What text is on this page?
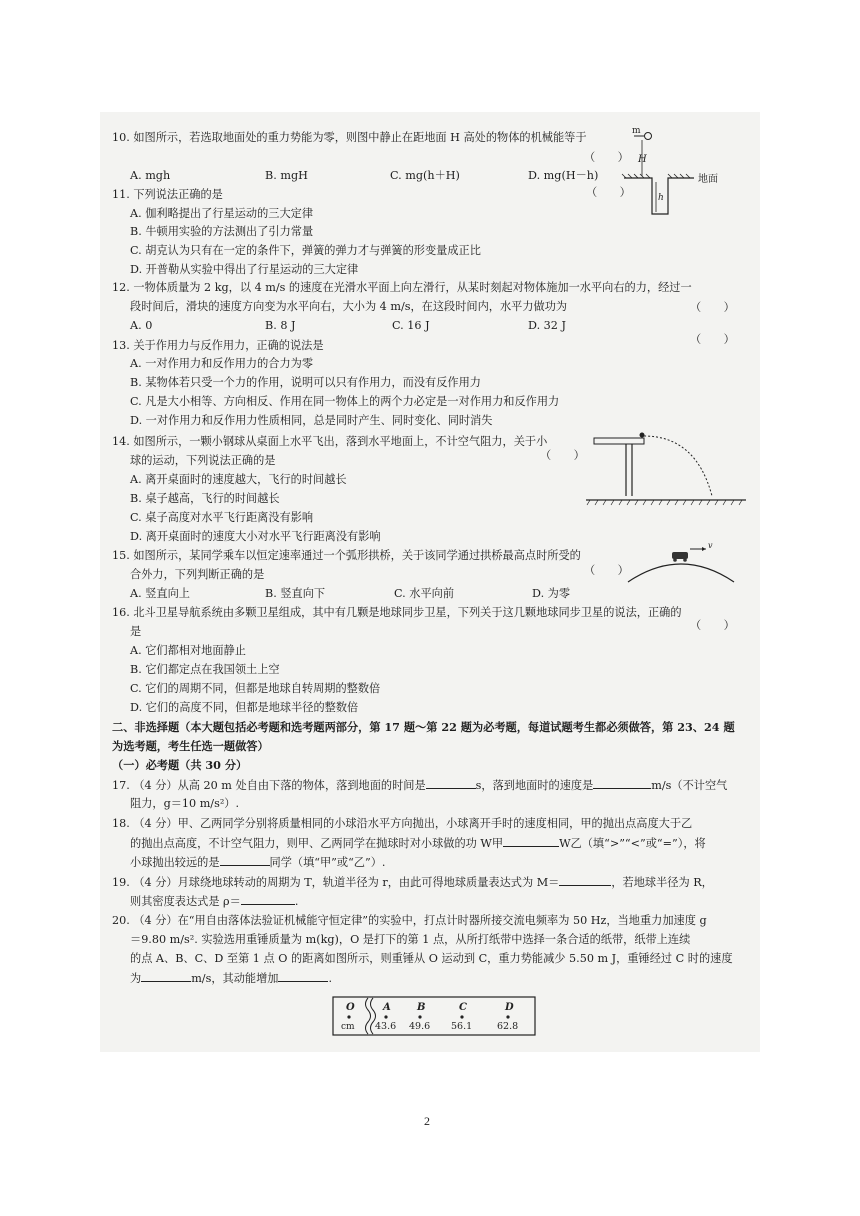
10. 如图所示，若选取地面处的重力势能为零，则图中静止在距地面 H 高处的物体的机械能等于
（　　）
A. mgh	B. mgH	C. mg(h＋H)	D. mg(H－h)
m
H
h
地面
11. 下列说法正确的是	（　　）
A. 伽利略提出了行星运动的三大定律
B. 牛顿用实验的方法测出了引力常量
C. 胡克认为只有在一定的条件下，弹簧的弹力才与弹簧的形变量成正比
D. 开普勒从实验中得出了行星运动的三大定律
12. 一物体质量为 2 kg，以 4 m/s 的速度在光滑水平面上向左滑行，从某时刻起对物体施加一水平向右的力，经过一
段时间后，滑块的速度方向变为水平向右，大小为 4 m/s，在这段时间内，水平力做功为	（　　）
A. 0	B. 8 J	C. 16 J	D. 32 J
13. 关于作用力与反作用力，正确的说法是	（　　）
A. 一对作用力和反作用力的合力为零
B. 某物体若只受一个力的作用，说明可以只有作用力，而没有反作用力
C. 凡是大小相等、方向相反、作用在同一物体上的两个力必定是一对作用力和反作用力
D. 一对作用力和反作用力性质相同，总是同时产生、同时变化、同时消失
14. 如图所示，一颗小钢球从桌面上水平飞出，落到水平地面上，不计空气阻力，关于小
球的运动，下列说法正确的是	（　　）
A. 离开桌面时的速度越大，飞行的时间越长
B. 桌子越高，飞行的时间越长
C. 桌子高度对水平飞行距离没有影响
D. 离开桌面时的速度大小对水平飞行距离没有影响
15. 如图所示，某同学乘车以恒定速率通过一个弧形拱桥，关于该同学通过拱桥最高点时所受的
合外力，下列判断正确的是	（　　）
A. 竖直向上	B. 竖直向下	C. 水平向前	D. 为零
v
16. 北斗卫星导航系统由多颗卫星组成，其中有几颗是地球同步卫星，下列关于这几颗地球同步卫星的说法，正确的
是	（　　）
A. 它们都相对地面静止
B. 它们都定点在我国领土上空
C. 它们的周期不同，但都是地球自转周期的整数倍
D. 它们的高度不同，但都是地球半径的整数倍
二、非选择题（本大题包括必考题和选考题两部分，第 17 题～第 22 题为必考题，每道试题考生都必须做答，第 23、24 题
为选考题，考生任选一题做答）
（一）必考题（共 30 分）
17. （4 分）从高 20 m 处自由下落的物体，落到地面的时间是	s，落到地面时的速度是	m/s（不计空气
阻力，g＝10 m/s²）.
18. （4 分）甲、乙两同学分别将质量相同的小球沿水平方向抛出，小球离开手时的速度相同，甲的抛出点高度大于乙
的抛出点高度，不计空气阻力，则甲、乙两同学在抛球时对小球做的功 W甲	W乙（填“>”“<”或“=”），将
小球抛出较远的是	同学（填“甲”或“乙”）.
19. （4 分）月球绕地球转动的周期为 T，轨道半径为 r，由此可得地球质量表达式为 M＝	，若地球半径为 R，
则其密度表达式是 ρ＝	.
20. （4 分）在“用自由落体法验证机械能守恒定律”的实验中，打点计时器所接交流电频率为 50 Hz，当地重力加速度 g
＝9.80 m/s². 实验选用重锤质量为 m(kg)，O 是打下的第 1 点，从所打纸带中选择一条合适的纸带，纸带上连续
的点 A、B、C、D 至第 1 点 O 的距离如图所示，则重锤从 O 运动到 C，重力势能减少 5.50 m J，重锤经过 C 时的速度
为	m/s，其动能增加	.
O
cm
A
43.6
B
49.6
C
56.1
D
62.8
2
